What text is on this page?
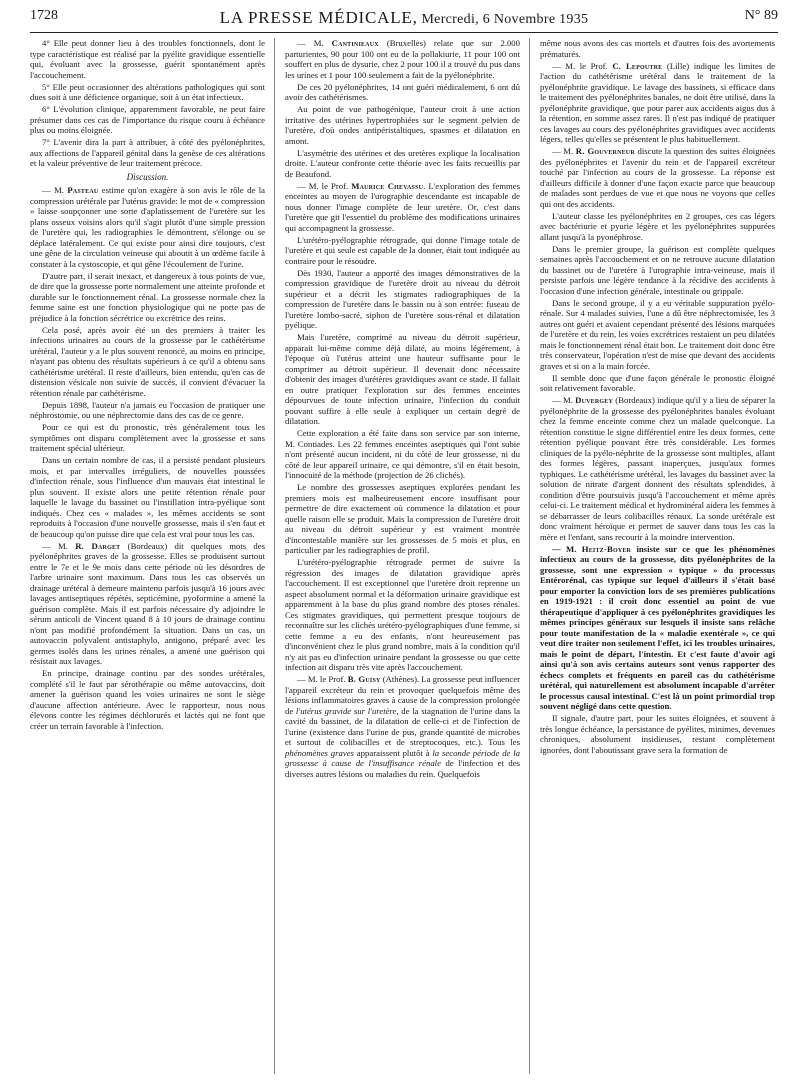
1728	LA PRESSE MÉDICALE, Mercredi, 6 Novembre 1935	N° 89

4° Elle peut donner lieu à des troubles fonctionnels, dont le type caractéristique est réalisé par la pyélite gravidique essentielle qui, évoluant avec la grossesse, guérit spontanément après l'accouchement.

5° Elle peut occasionner des altérations pathologiques qui sont dues soit à une déficience organique, soit à un état infectieux.

6° L'évolution clinique, apparemment favorable, ne peut faire présumer dans ces cas de l'importance du risque couru à échéance plus ou moins éloignée.

7° L'avenir dira la part à attribuer, à côté des pyélonéphrites, aux affections de l'appareil génital dans la genèse de ces altérations et la valeur préventive de leur traitement précoce.

Discussion.

— M. Pasteau estime qu'on exagère à son avis le rôle de la compression urétérale par l'utérus gravide: le mot de « compression » laisse soupçonner une sorte d'aplatissement de l'uretère sur les plans osseux voisins alors qu'il s'agit plutôt d'une simple pression de l'uretère qui, les radiographies le démontrent, s'élonge ou se déplace latéralement. Ce qui existe pour ainsi dire toujours, c'est une gêne de la circulation veineuse qui aboutit à un œdème facile à constater à la cystoscopie, et qui gêne l'écoulement de l'urine.

D'autre part, il serait inexact, et dangereux à tous points de vue, de dire que la grossesse porte normalement une atteinte profonde et durable sur le fonctionnement rénal. La grossesse normale chez la femme saine est une fonction physiologique qui ne porte pas de préjudice à la fonction sécrétrice ou excrétrice des reins.

Cela posé, après avoir été un des premiers à traiter les infections urinaires au cours de la grossesse par le cathétérisme urétéral, l'auteur y a le plus souvent renoncé, au moins en principe, n'ayant pas obtenu des résultats supérieurs à ce qu'il a obtenu sans cathétérisme urétéral. Il reste d'ailleurs, bien entendu, qu'en cas de distension vésicale non suivie de succès, il convient d'évacuer la rétention rénale par cathétérisme.

Depuis 1898, l'auteur n'a jamais eu l'occasion de pratiquer une néphrostomie, ou une néphrectomie dans des cas de ce genre.

Pour ce qui est du pronostic, très généralement tous les symptômes ont disparu complètement avec la grossesse et sans traitement spécial ultérieur.

Dans un certain nombre de cas, il a persisté pendant plusieurs mois, et par intervalles irréguliers, de nouvelles poussées d'infection rénale, sous l'influence d'un mauvais état intestinal le plus souvent. Il existe alors une petite rétention rénale pour laquelle le lavage du bassinet ou l'instillation intra-pyélique sont indiqués. Chez ces « malades », les mêmes accidents se sont reproduits à l'occasion d'une nouvelle grossesse, mais il s'en faut et de beaucoup qu'on puisse dire que cela est vrai pour tous les cas.

— M. R. Darget (Bordeaux) dit quelques mots des pyélonéphrites graves de la grossesse. Elles se produisent surtout entre le 7e et le 9e mois dans cette période où les désordres de l'arbre urinaire sont maximum. Dans tous les cas observés un drainage urétéral à demeure maintenu parfois jusqu'à 16 jours avec lavages antiseptiques répétés, septicémine, pyoformine a amené la guérison complète. Mais il est parfois nécessaire d'y adjoindre le sérum anticoli de Vincent quand 8 à 10 jours de drainage continu n'ont pas modifié profondément la situation. Dans un cas, un autovaccin polyvalent antistaphylo, antigono, préparé avec les germes isolés dans les urines rénales, a amené une guérison qui résistait aux lavages.

En principe, drainage continu par des sondes urétérales, complété s'il le faut par sérothérapie ou même autovaccins, doit amener la guérison quand les voies urinaires ne sont le siège d'aucune affection antérieure. Avec le rapporteur, nous nous élevons contre les régimes déchlorurés et lactés qui ne font que créer un terrain favorable à l'infection.

— M. Cantinieaux (Bruxelles) relate que sur 2.000 parturientes, 90 pour 100 ont eu de la pollakiurie, 11 pour 100 ont souffert en plus de dysurie, chez 2 pour 100 il a trouvé du pus dans les urines et 1 pour 100 seulement a fait de la pyélonéphrite.

De ces 20 pyélonéphrites, 14 ont guéri médicalement, 6 ont dû avoir des cathétérismes.

Au point de vue pathogénique, l'auteur croit à une action irritative des utérines hypertrophiées sur le segment pelvien de l'uretère, d'où ondes antipéristaltiques, spasmes et dilatation en amont.

L'asymétrie des utérines et des uretères explique la localisation droite. L'auteur confronte cette théorie avec les faits recueillis par de Beaufond.

— M. le Prof. Maurice Chevassu. L'exploration des femmes enceintes au moyen de l'urographie descendante est incapable de nous donner l'image complète de leur uretère. Or, c'est dans l'uretère que git l'essentiel du problème des modifications urinaires qui accompagnent la grossesse.

L'urétéro-pyélographie rétrograde, qui donne l'image totale de l'uretère et qui seule est capable de la donner, était tout indiquée au contraire pour le résoudre.

Dès 1930, l'auteur a apporté des images démonstratives de la compression gravidique de l'uretère droit au niveau du détroit supérieur et a décrit les stigmates radiographiques de la compression de l'uretère dans le bassin ou à son entrée: fuseau de l'uretère lombo-sacré, siphon de l'uretère sous-rénal et dilatation pyélique.

Mais l'uretère, comprimé au niveau du détroit supérieur, apparait lui-même comme déjà dilaté, au moins légèrement, à l'époque où l'utérus atteint une hauteur suffisante pour le comprimer au détroit supérieur. Il devenait donc nécessaire d'obtenir des images d'urétères gravidiques avant ce stade. Il fallait en outre pratiquer l'exploration sur des femmes enceintes dépourvues de toute infection urinaire, l'infection du conduit pouvant suffire à elle seule à expliquer un certain degré de dilatation.

Cette exploration a été faite dans son service par son interne, M. Contiades. Les 22 femmes enceintes aseptiques qui l'ont subie n'ont présenté aucun incident, ni du côté de leur grossesse, ni du côté de leur appareil urinaire, ce qui démontre, s'il en était besoin, l'innocuité de la méthode (projection de 26 clichés).

Le nombre des grossesses aseptiques explorées pendant les premiers mois est malheureusement encore insuffisant pour permettre de dire exactement où commence la dilatation et pour quelle raison elle se produit. Mais la compression de l'uretère droit au niveau du détroit supérieur y est vraiment montrée d'incontestable manière sur les grossesses de 5 mois et plus, en particulier par les radiographies de profil.

L'urétéro-pyélographie rétrograde permet de suivre la régression des images de dilatation gravidique après l'accouchement. Il est exceptionnel que l'uretère droit reprenne un aspect absolument normal et la déformation urinaire gravidique est apparemment à la base du plus grand nombre des ptoses rénales. Ces stigmates gravidiques, qui permettent presque toujours de reconnaître sur les clichés urétéro-pyélographiques d'une femme, si cette femme a eu des enfants, n'ont heureusement pas d'inconvénient chez le plus grand nombre, mais à la condition qu'il n'y ait pas eu d'infection urinaire pendant la grossesse ou que cette infection ait disparu très vite après l'accouchement.

— M. le Prof. B. Guisy (Athènes). La grossesse peut influencer l'appareil excréteur du rein et provoquer quelquefois même des lésions inflammatoires graves à cause de la compression prolongée de l'utérus gravide sur l'uretère, de la stagnation de l'urine dans la cavité du bassinet, de la dilatation de celle-ci et de l'infection de l'urine (existence dans l'urine de pus, grande quantité de microbes et surtout de colibacilles et de streptocoques, etc.). Tous les phénomènes graves apparaissent plutôt à la seconde période de la grossesse à cause de l'insuffisance rénale de l'infection et des diverses autres lésions ou maladies du rein. Quelquefois

même nous avons des cas mortels et d'autres fois des avortements prématurés.

— M. le Prof. C. Lepoutre (Lille) indique les limites de l'action du cathétérisme urétéral dans le traitement de la pyélonéphrite gravidique. Le lavage des bassinets, si efficace dans le traitement des pyélonéphrites banales, ne doit être utilisé, dans la pyélonéphrite gravidique, que pour parer aux accidents aigus dus à la rétention, en somme assez rares. Il n'est pas indiqué de pratiquer ces lavages au cours des pyélonéphrites gravidiques avec accidents légers, telles qu'elles se présentent le plus habituellement.

— M. R. Gouverneur discute la question des suites éloignées des pyélonéphrites et l'avenir du rein et de l'appareil excréteur touché par l'infection au cours de la grossesse. La réponse est d'ailleurs difficile à donner d'une façon exacte parce que beaucoup de malades sont perdues de vue et que nous ne voyons que celles qui ont des accidents.

L'auteur classe les pyélonéphrites en 2 groupes, ces cas légers avec bactériurie et pyurie légère et les pyélonéphrites suppurées allant jusqu'à la pyonéphrose.

Dans le premier groupe, la guérison est complète quelques semaines après l'accouchement et on ne retrouve aucune dilatation du bassinet ou de l'uretère à l'urographie intra-veineuse, mais il persiste parfois une légère tendance à la récidive des accidents à l'occasion d'une infection générale, intestinale ou grippale.

Dans le second groupe, il y a eu véritable suppuration pyélo-rénale. Sur 4 malades suivies, l'une a dû être néphrectomisée, les 3 autres ont guéri et avaient cependant présenté des lésions marquées de l'uretère et du rein, les voies excrétrices restaient un peu dilatées mais le fonctionnement rénal était bon. Le traitement doit donc être très conservateur, l'opération n'est de mise que devant des accidents graves et si on a la main forcée.

Il semble donc que d'une façon générale le pronostic éloigné soit relativement favorable.

— M. Duvergey (Bordeaux) indique qu'il y a lieu de séparer la pyélonéphrite de la grossesse des pyélonéphrites banales évoluant chez la femme enceinte comme chez un malade quelconque. La rétention constitue le signe différentiel entre les deux formes, cette rétention pyélique pouvant être très considérable. Les formes cliniques de la pyélo-néphrite de la grossesse sont multiples, allant des formes légères, passant inaperçues, jusqu'aux formes typhiques. Le cathétérisme urétéral, les lavages du bassinet avec la solution de nitrate d'argent donnent des résultats splendides, à condition d'être poursuivis jusqu'à l'accouchement et même après celui-ci. Le traitement médical et hydrominéral aidera les femmes à se débarrasser de leurs colibacilles rénaux. La sonde urétérale est donc vraiment héroïque et permet de sauver dans tous les cas la mère et l'enfant, sans recourir à la moindre intervention.

— M. Heitz-Boyer insiste sur ce que les phénomènes infectieux au cours de la grossesse, dits pyélonéphrites de la grossesse, sont une expression « typique » du processus Entérorénal, cas typique sur lequel d'ailleurs il s'était basé pour emporter la conviction lors de ses premières publications en 1919-1921 : il croit donc essentiel au point de vue thérapeutique d'appliquer à ces pyélonéphrites gravidiques les mêmes principes généraux sur lesquels il insiste sans relâche pour toute manifestation de la « maladie exentérale », ce qui veut dire traiter non seulement l'effet, ici les troubles urinaires, mais le point de départ, l'intestin. Et c'est faute d'avoir agi ainsi qu'à son avis certains auteurs sont venus rapporter des échecs complets et fréquents en pareil cas du cathétérisme urétéral, qui naturellement est absolument incapable d'arrêter le processus causal intestinal. C'est là un point primordial trop souvent négligé dans cette question.

Il signale, d'autre part, pour les suites éloignées, et souvent à très longue échéance, la persistance de pyélites, minimes, devenues chroniques, absolument insidieuses, restant complètement ignorées, dont l'aboutissant grave sera la formation de
